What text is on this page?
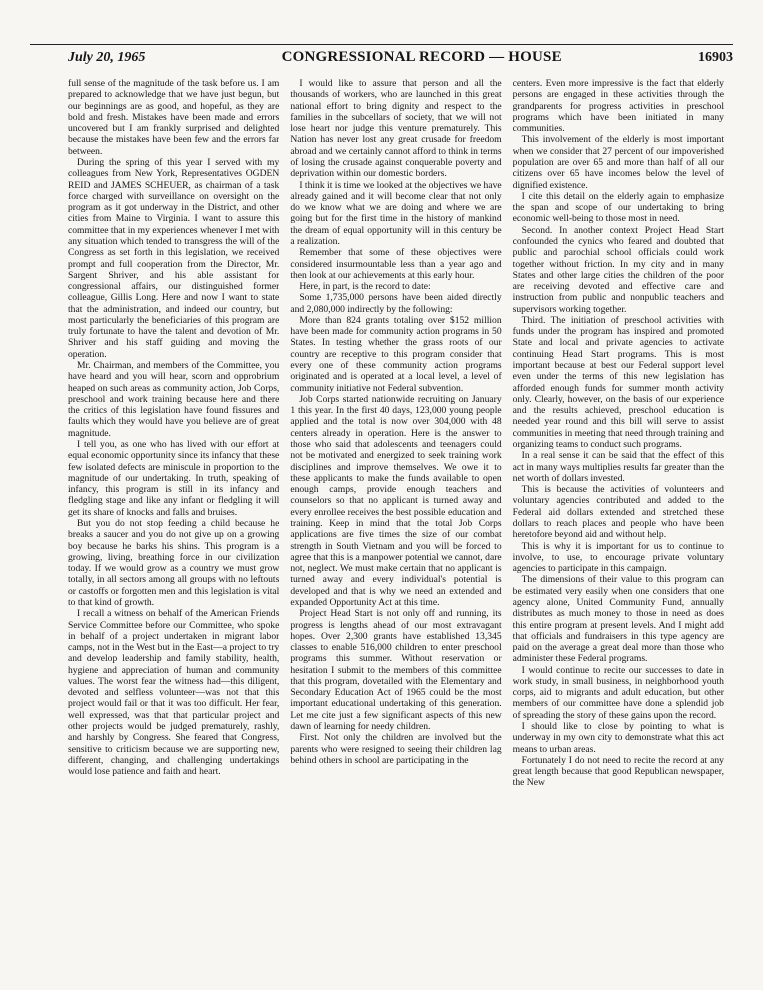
July 20, 1965	CONGRESSIONAL RECORD — HOUSE	16903

full sense of the magnitude of the task before us. I am prepared to acknowledge that we have just begun, but our beginnings are as good, and hopeful, as they are bold and fresh. Mistakes have been made and errors uncovered but I am frankly surprised and delighted because the mistakes have been few and the errors far between.

During the spring of this year I served with my colleagues from New York, Representatives OGDEN REID and JAMES SCHEUER, as chairman of a task force charged with surveillance on oversight on the program as it got underway in the District, and other cities from Maine to Virginia. I want to assure this committee that in my experiences whenever I met with any situation which tended to transgress the will of the Congress as set forth in this legislation, we received prompt and full cooperation from the Director, Mr. Sargent Shriver, and his able assistant for congressional affairs, our distinguished former colleague, Gillis Long. Here and now I want to state that the administration, and indeed our country, but most particularly the beneficiaries of this program are truly fortunate to have the talent and devotion of Mr. Shriver and his staff guiding and moving the operation.

Mr. Chairman, and members of the Committee, you have heard and you will hear, scorn and opprobrium heaped on such areas as community action, Job Corps, preschool and work training because here and there the critics of this legislation have found fissures and faults which they would have you believe are of great magnitude.

I tell you, as one who has lived with our effort at equal economic opportunity since its infancy that these few isolated defects are miniscule in proportion to the magnitude of our undertaking. In truth, speaking of infancy, this program is still in its infancy and fledgling stage and like any infant or fledgling it will get its share of knocks and falls and bruises.

But you do not stop feeding a child because he breaks a saucer and you do not give up on a growing boy because he barks his shins. This program is a growing, living, breathing force in our civilization today. If we would grow as a country we must grow totally, in all sectors among all groups with no leftouts or castoffs or forgotten men and this legislation is vital to that kind of growth.

I recall a witness on behalf of the American Friends Service Committee before our Committee, who spoke in behalf of a project undertaken in migrant labor camps, not in the West but in the East—a project to try and develop leadership and family stability, health, hygiene and appreciation of human and community values. The worst fear the witness had—this diligent, devoted and selfless volunteer—was not that this project would fail or that it was too difficult. Her fear, well expressed, was that that particular project and other projects would be judged prematurely, rashly, and harshly by Congress. She feared that Congress, sensitive to criticism because we are supporting new, different, changing, and challenging undertakings would lose patience and faith and heart.

I would like to assure that person and all the thousands of workers, who are launched in this great national effort to bring dignity and respect to the families in the subcellars of society, that we will not lose heart nor judge this venture prematurely. This Nation has never lost any great crusade for freedom abroad and we certainly cannot afford to think in terms of losing the crusade against conquerable poverty and deprivation within our domestic borders.

I think it is time we looked at the objectives we have already gained and it will become clear that not only do we know what we are doing and where we are going but for the first time in the history of mankind the dream of equal opportunity will in this century be a realization.

Remember that some of these objectives were considered insurmountable less than a year ago and then look at our achievements at this early hour.

Here, in part, is the record to date:

Some 1,735,000 persons have been aided directly and 2,080,000 indirectly by the following:

More than 824 grants totaling over $152 million have been made for community action programs in 50 States. In testing whether the grass roots of our country are receptive to this program consider that every one of these community action programs originated and is operated at a local level, a level of community initiative not Federal subvention.

Job Corps started nationwide recruiting on January 1 this year. In the first 40 days, 123,000 young people applied and the total is now over 304,000 with 48 centers already in operation. Here is the answer to those who said that adolescents and teenagers could not be motivated and energized to seek training work disciplines and improve themselves. We owe it to these applicants to make the funds available to open enough camps, provide enough teachers and counselors so that no applicant is turned away and every enrollee receives the best possible education and training. Keep in mind that the total Job Corps applications are five times the size of our combat strength in South Vietnam and you will be forced to agree that this is a manpower potential we cannot, dare not, neglect. We must make certain that no applicant is turned away and every individual's potential is developed and that is why we need an extended and expanded Opportunity Act at this time.

Project Head Start is not only off and running, its progress is lengths ahead of our most extravagant hopes. Over 2,300 grants have established 13,345 classes to enable 516,000 children to enter preschool programs this summer. Without reservation or hesitation I submit to the members of this committee that this program, dovetailed with the Elementary and Secondary Education Act of 1965 could be the most important educational undertaking of this generation. Let me cite just a few significant aspects of this new dawn of learning for needy children.

First. Not only the children are involved but the parents who were resigned to seeing their children lag behind others in school are participating in the

centers. Even more impressive is the fact that elderly persons are engaged in these activities through the grandparents for progress activities in preschool programs which have been initiated in many communities.

This involvement of the elderly is most important when we consider that 27 percent of our impoverished population are over 65 and more than half of all our citizens over 65 have incomes below the level of dignified existence.

I cite this detail on the elderly again to emphasize the span and scope of our undertaking to bring economic well-being to those most in need.

Second. In another context Project Head Start confounded the cynics who feared and doubted that public and parochial school officials could work together without friction. In my city and in many States and other large cities the children of the poor are receiving devoted and effective care and instruction from public and nonpublic teachers and supervisors working together.

Third. The initiation of preschool activities with funds under the program has inspired and promoted State and local and private agencies to activate continuing Head Start programs. This is most important because at best our Federal support level even under the terms of this new legislation has afforded enough funds for summer month activity only. Clearly, however, on the basis of our experience and the results achieved, preschool education is needed year round and this bill will serve to assist communities in meeting that need through training and organizing teams to conduct such programs.

In a real sense it can be said that the effect of this act in many ways multiplies results far greater than the net worth of dollars invested.

This is because the activities of volunteers and voluntary agencies contributed and added to the Federal aid dollars extended and stretched these dollars to reach places and people who have been heretofore beyond aid and without help.

This is why it is important for us to continue to involve, to use, to encourage private voluntary agencies to participate in this campaign.

The dimensions of their value to this program can be estimated very easily when one considers that one agency alone, United Community Fund, annually distributes as much money to those in need as does this entire program at present levels. And I might add that officials and fundraisers in this type agency are paid on the average a great deal more than those who administer these Federal programs.

I would continue to recite our successes to date in work study, in small business, in neighborhood youth corps, aid to migrants and adult education, but other members of our committee have done a splendid job of spreading the story of these gains upon the record.

I should like to close by pointing to what is underway in my own city to demonstrate what this act means to urban areas.

Fortunately I do not need to recite the record at any great length because that good Republican newspaper, the New
